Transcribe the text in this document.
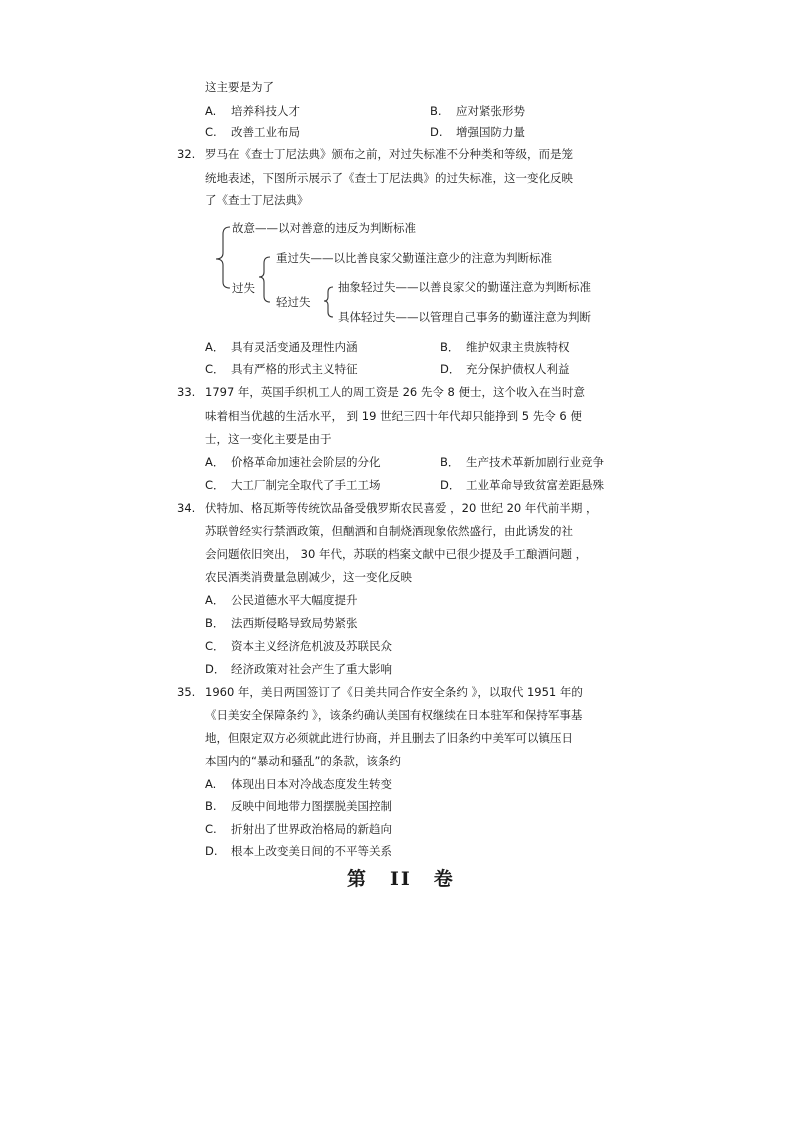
这主要是为了
A. 培养科技人才	B. 应对紧张形势
C. 改善工业布局	D. 增强国防力量
32. 罗马在《查士丁尼法典》颁布之前，对过失标准不分种类和等级，而是笼
统地表述，下图所示展示了《查士丁尼法典》的过失标准，这一变化反映
了《查士丁尼法典》
故意——以对善意的违反为判断标准
过失
重过失——以比善良家父勤谨注意少的注意为判断标准
轻过失
抽象轻过失——以善良家父的勤谨注意为判断标准
具体轻过失——以管理自己事务的勤谨注意为判断
A． 具有灵活变通及理性内涵	B． 维护奴隶主贵族特权
C． 具有严格的形式主义特征	D． 充分保护债权人利益
33. 1797 年，英国手织机工人的周工资是 26 先令 8 便士，这个收入在当时意
味着相当优越的生活水平， 到 19 世纪三四十年代却只能挣到 5 先令 6 便
士，这一变化主要是由于
A． 价格革命加速社会阶层的分化	B． 生产技术革新加剧行业竞争
C． 大工厂制完全取代了手工工场	D． 工业革命导致贫富差距悬殊
34. 伏特加、格瓦斯等传统饮品备受俄罗斯农民喜爱 ，20 世纪 20 年代前半期 ，
苏联曾经实行禁酒政策，但酗酒和自制烧酒现象依然盛行，由此诱发的社
会问题依旧突出， 30 年代，苏联的档案文献中已很少提及手工酿酒问题 ，
农民酒类消费量急剧减少，这一变化反映
A． 公民道德水平大幅度提升
B． 法西斯侵略导致局势紧张
C． 资本主义经济危机波及苏联民众
D． 经济政策对社会产生了重大影响
35. 1960 年，美日两国签订了《日美共同合作安全条约 》，以取代 1951 年的
《日美安全保障条约 》，该条约确认美国有权继续在日本驻军和保持军事基
地，但限定双方必须就此进行协商，并且删去了旧条约中美军可以镇压日
本国内的“暴动和骚乱”的条款，该条约
A. 体现出日本对冷战态度发生转变
B. 反映中间地带力图摆脱美国控制
C. 折射出了世界政治格局的新趋向
D. 根本上改变美日间的不平等关系
第 II 卷
